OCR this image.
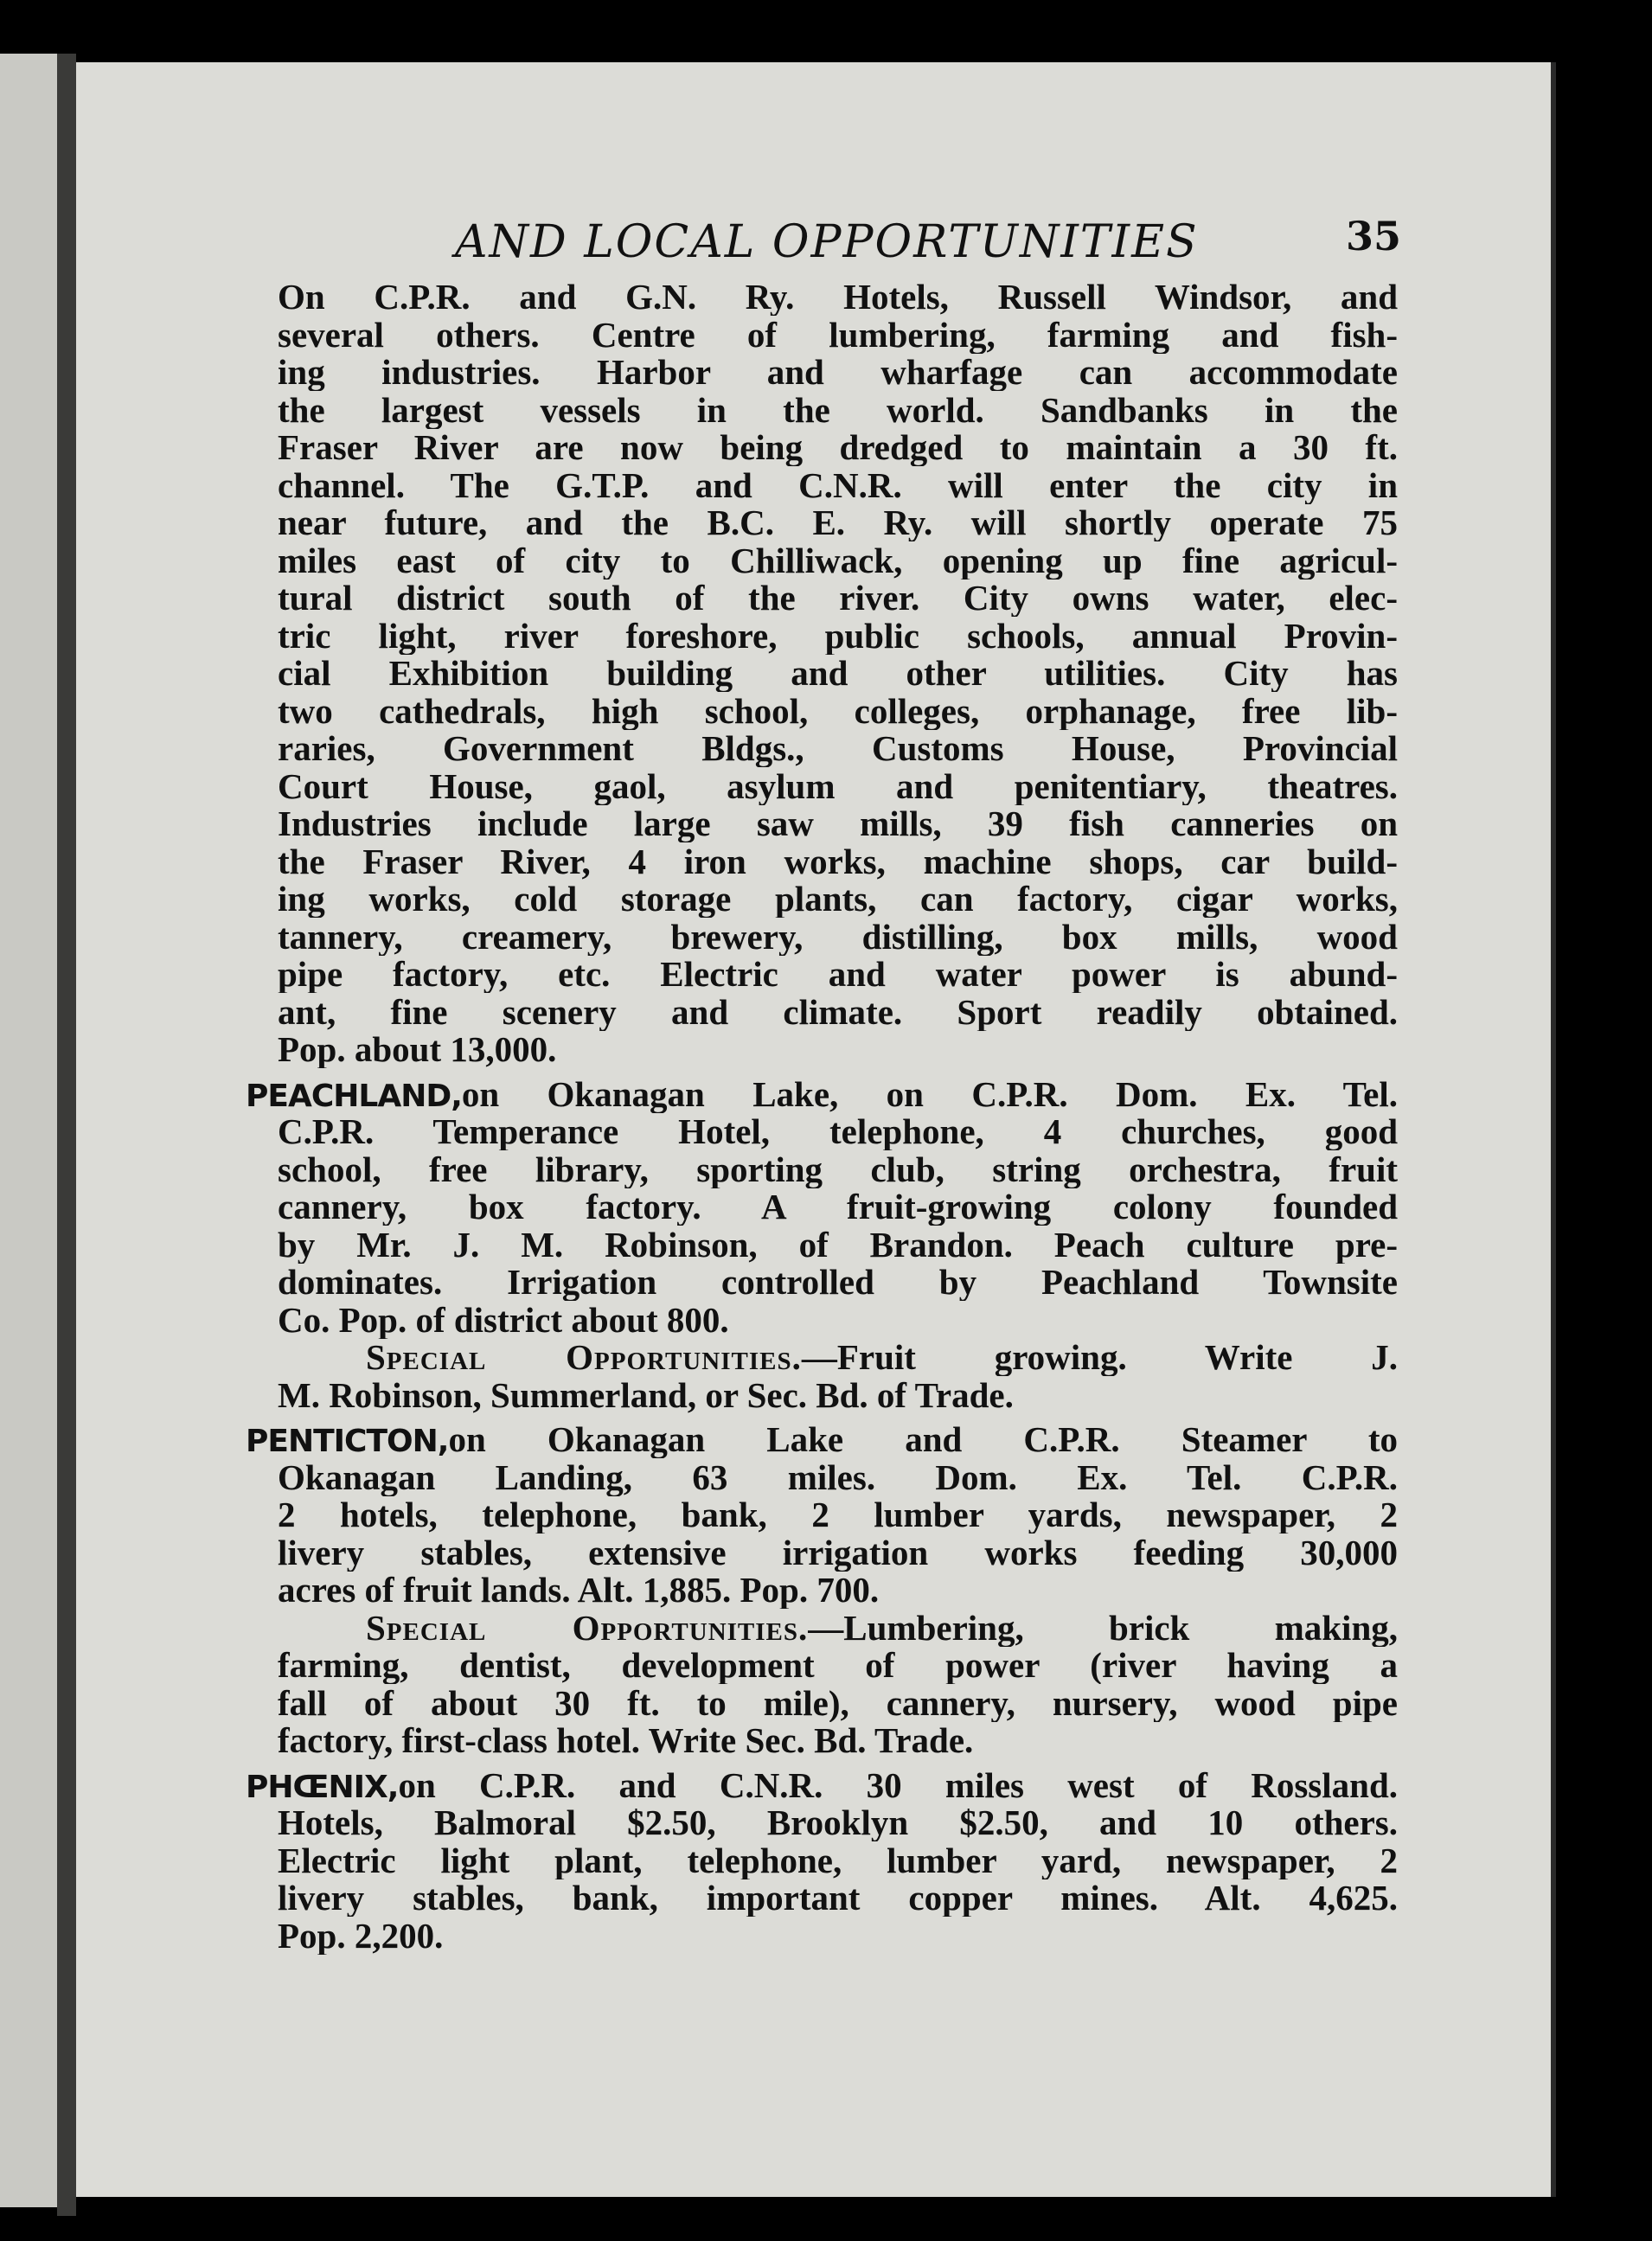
AND LOCAL OPPORTUNITIES	35
On C.P.R. and G.N. Ry. Hotels, Russell Windsor, and
several others. Centre of lumbering, farming and fish-
ing industries. Harbor and wharfage can accommodate
the largest vessels in the world. Sandbanks in the
Fraser River are now being dredged to maintain a 30 ft.
channel. The G.T.P. and C.N.R. will enter the city in
near future, and the B.C. E. Ry. will shortly operate 75
miles east of city to Chilliwack, opening up fine agricul-
tural district south of the river. City owns water, elec-
tric light, river foreshore, public schools, annual Provin-
cial Exhibition building and other utilities. City has
two cathedrals, high school, colleges, orphanage, free lib-
raries, Government Bldgs., Customs House, Provincial
Court House, gaol, asylum and penitentiary, theatres.
Industries include large saw mills, 39 fish canneries on
the Fraser River, 4 iron works, machine shops, car build-
ing works, cold storage plants, can factory, cigar works,
tannery, creamery, brewery, distilling, box mills, wood
pipe factory, etc. Electric and water power is abund-
ant, fine scenery and climate. Sport readily obtained.
Pop. about 13,000.
PEACHLAND,on Okanagan Lake, on C.P.R. Dom. Ex. Tel.
C.P.R. Temperance Hotel, telephone, 4 churches, good
school, free library, sporting club, string orchestra, fruit
cannery, box factory. A fruit-growing colony founded
by Mr. J. M. Robinson, of Brandon. Peach culture pre-
dominates. Irrigation controlled by Peachland Townsite
Co. Pop. of district about 800.
Special Opportunities.—Fruit growing. Write J.
M. Robinson, Summerland, or Sec. Bd. of Trade.
PENTICTON,on Okanagan Lake and C.P.R. Steamer to
Okanagan Landing, 63 miles. Dom. Ex. Tel. C.P.R.
2 hotels, telephone, bank, 2 lumber yards, newspaper, 2
livery stables, extensive irrigation works feeding 30,000
acres of fruit lands. Alt. 1,885. Pop. 700.
Special Opportunities.—Lumbering, brick making,
farming, dentist, development of power (river having a
fall of about 30 ft. to mile), cannery, nursery, wood pipe
factory, first-class hotel. Write Sec. Bd. Trade.
PHŒNIX,on C.P.R. and C.N.R. 30 miles west of Rossland.
Hotels, Balmoral $2.50, Brooklyn $2.50, and 10 others.
Electric light plant, telephone, lumber yard, newspaper, 2
livery stables, bank, important copper mines. Alt. 4,625.
Pop. 2,200.
